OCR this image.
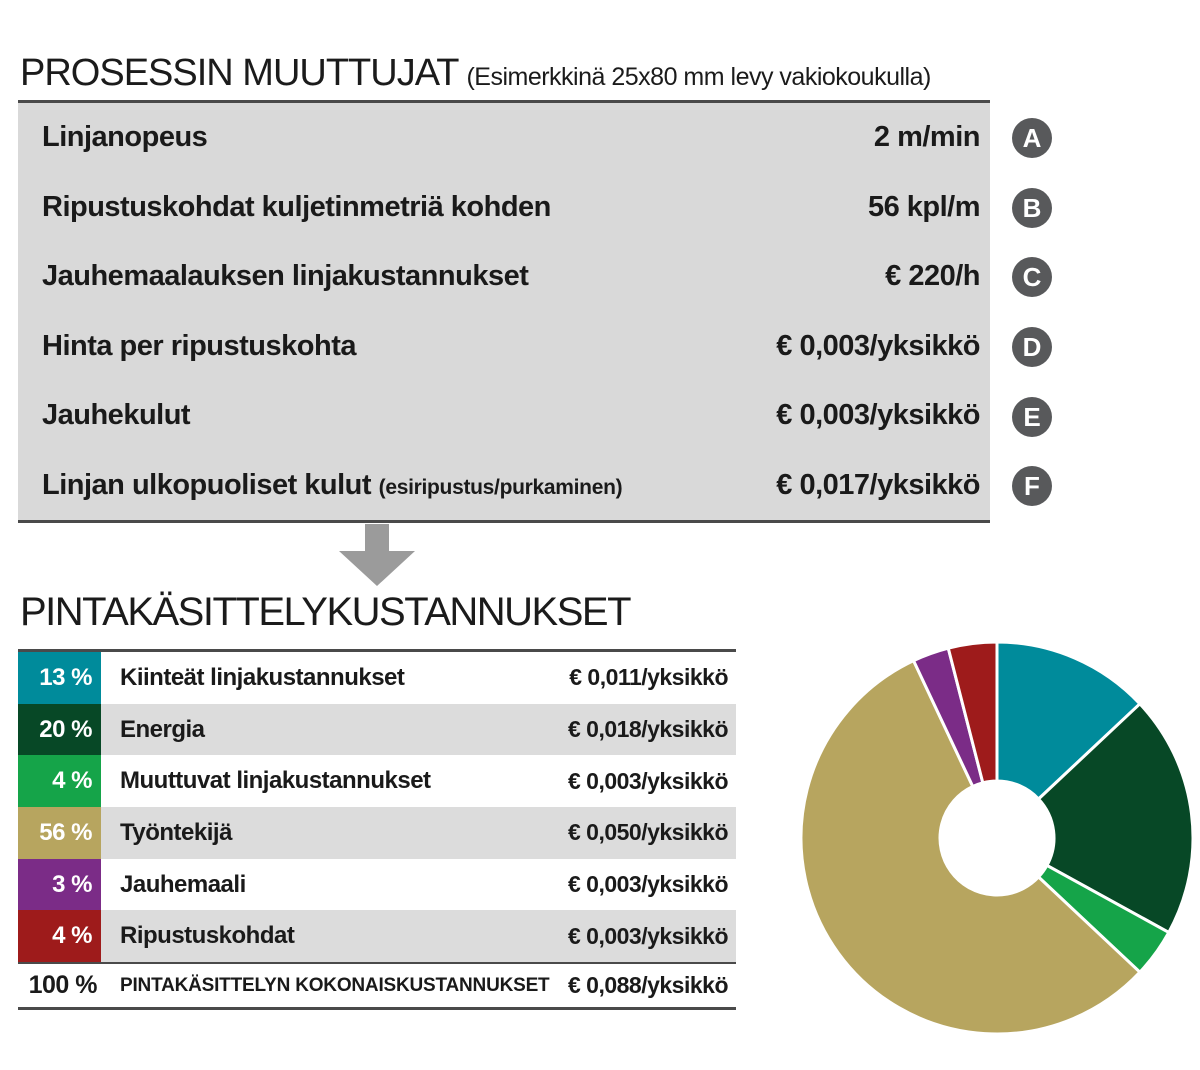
PROSESSIN MUUTTUJAT (Esimerkkinä 25x80 mm levy vakiokoukulla)
Linjanopeus	2 m/min
Ripustuskohdat kuljetinmetriä kohden	56 kpl/m
Jauhemaalauksen linjakustannukset	€ 220/h
Hinta per ripustuskohta	€ 0,003/yksikkö
Jauhekulut	€ 0,003/yksikkö
Linjan ulkopuoliset kulut (esiripustus/purkaminen)	€ 0,017/yksikkö
A
B
C
D
E
F
PINTAKÄSITTELYKUSTANNUKSET
13 %	Kiinteät linjakustannukset	€ 0,011/yksikkö
20 %	Energia	€ 0,018/yksikkö
4 %	Muuttuvat linjakustannukset	€ 0,003/yksikkö
56 %	Työntekijä	€ 0,050/yksikkö
3 %	Jauhemaali	€ 0,003/yksikkö
4 %	Ripustuskohdat	€ 0,003/yksikkö
100 %	PINTAKÄSITTELYN KOKONAISKUSTANNUKSET € 0,088/yksikkö
